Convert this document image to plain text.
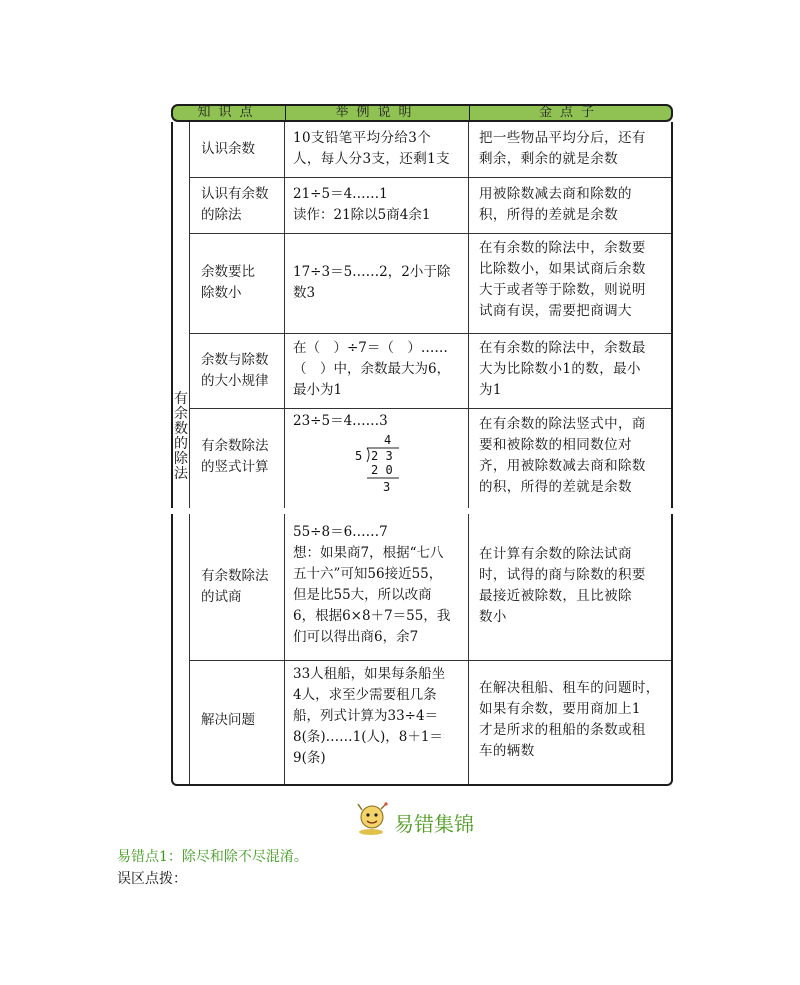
知识点	举例说明	金点子
有余数的除法
认识余数
10支铅笔平均分给3个
人，每人分3支，还剩1支
把一些物品平均分后，还有
剩余，剩余的就是余数
认识有余数
的除法
21÷5＝4……1
读作：21除以5商4余1
用被除数减去商和除数的
积，所得的差就是余数
余数要比
除数小
17÷3＝5……2，2小于除
数3
在有余数的除法中，余数要
比除数小，如果试商后余数
大于或者等于除数，则说明
试商有误，需要把商调大
余数与除数
的大小规律
在（　）÷7＝（　）……
（　）中，余数最大为6，
最小为1
在有余数的除法中，余数最
大为比除数小1的数，最小
为1
有余数除法
的竖式计算
23÷5＝4……3
4
5 2 3
2 0
3
在有余数的除法竖式中，商
要和被除数的相同数位对
齐，用被除数减去商和除数
的积，所得的差就是余数
有余数除法
的试商
55÷8＝6……7
想：如果商7，根据“七八
五十六”可知56接近55，
但是比55大，所以改商
6，根据6×8＋7＝55，我
们可以得出商6，余7
在计算有余数的除法试商
时，试得的商与除数的积要
最接近被除数，且比被除
数小
解决问题
33人租船，如果每条船坐
4人，求至少需要租几条
船，列式计算为33÷4＝
8(条)……1(人)，8＋1＝
9(条)
在解决租船、租车的问题时，
如果有余数，要用商加上1
才是所求的租船的条数或租
车的辆数
易错集锦
易错点1：除尽和除不尽混淆。
误区点拨：
